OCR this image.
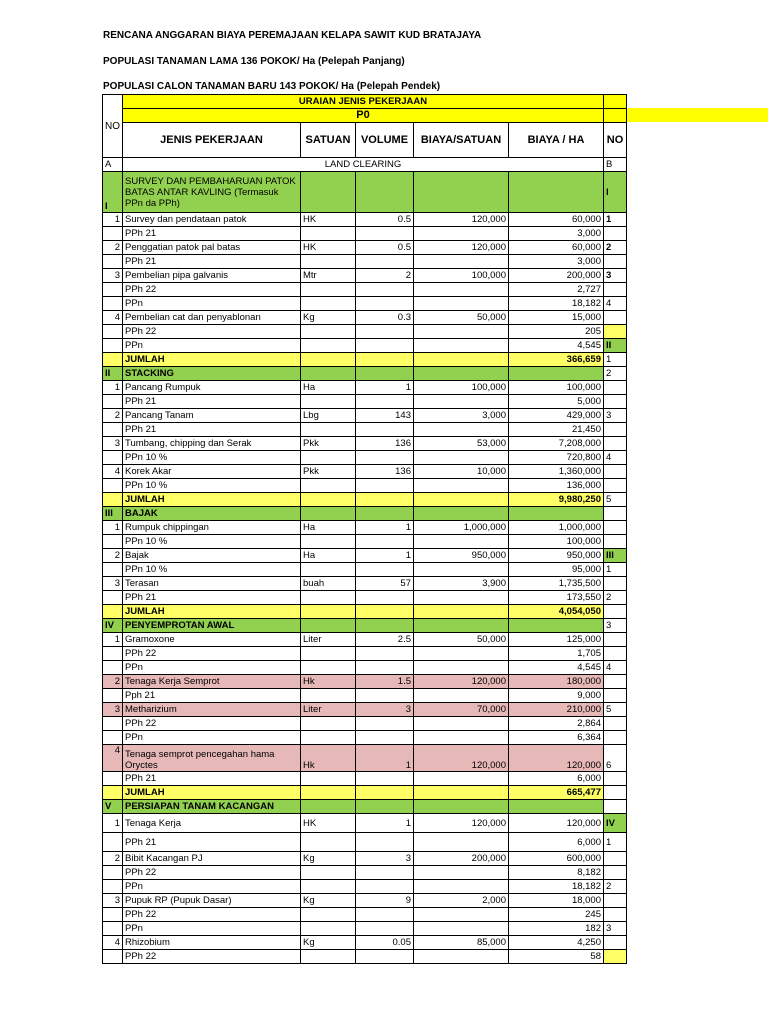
RENCANA ANGGARAN BIAYA PEREMAJAAN KELAPA SAWIT KUD BRATAJAYA
POPULASI TANAMAN LAMA 136 POKOK/ Ha (Pelepah Panjang)
POPULASI CALON TANAMAN BARU 143 POKOK/ Ha (Pelepah Pendek)
NO	URAIAN JENIS PEKERJAAN					
	P0					
	JENIS PEKERJAAN	SATUAN	VOLUME	BIAYA/SATUAN	BIAYA / HA	NO
A	LAND CLEARING					B
I	SURVEY DAN PEMBAHARUAN PATOK BATAS ANTAR KAVLING (Termasuk PPn da PPh)					I
1	Survey dan pendataan patok	HK	0.5	120,000	60,000	1
	PPh 21				3,000	
2	Penggatian patok pal batas	HK	0.5	120,000	60,000	2
	PPh 21				3,000	
3	Pembelian pipa galvanis	Mtr	2	100,000	200,000	3
	PPh 22				2,727	
	PPn				18,182	4
4	Pembelian cat dan penyablonan	Kg	0.3	50,000	15,000	
	PPh 22				205	
	PPn				4,545	II
	JUMLAH				366,659	1
II	STACKING					2
1	Pancang Rumpuk	Ha	1	100,000	100,000	
	PPh 21				5,000	
2	Pancang Tanam	Lbg	143	3,000	429,000	3
	PPh 21				21,450	
3	Tumbang, chipping dan Serak	Pkk	136	53,000	7,208,000	
	PPn 10 %				720,800	4
4	Korek Akar	Pkk	136	10,000	1,360,000	
	PPn 10 %				136,000	
	JUMLAH				9,980,250	5
III	BAJAK					
1	Rumpuk chippingan	Ha	1	1,000,000	1,000,000	
	PPn 10 %				100,000	
2	Bajak	Ha	1	950,000	950,000	III
	PPn 10 %				95,000	1
3	Terasan	buah	57	3,900	1,735,500	
	PPh 21				173,550	2
	JUMLAH				4,054,050	
IV	PENYEMPROTAN AWAL					3
1	Gramoxone	Liter	2.5	50,000	125,000	
	PPh 22				1,705	
	PPn				4,545	4
2	Tenaga Kerja Semprot	Hk	1.5	120,000	180,000	
	Pph 21				9,000	
3	Metharizium	Liter	3	70,000	210,000	5
	PPh 22				2,864	
	PPn				6,364	
4	Tenaga semprot pencegahan hama Oryctes	Hk	1	120,000	120,000	6
	PPh 21				6,000	
	JUMLAH				665,477	
V	PERSIAPAN TANAM KACANGAN					
1	Tenaga Kerja	HK	1	120,000	120,000	IV
	PPh 21				6,000	1
2	Bibit Kacangan PJ	Kg	3	200,000	600,000	
	PPh 22				8,182	
	PPn				18,182	2
3	Pupuk RP (Pupuk Dasar)	Kg	9	2,000	18,000	
	PPh 22				245	
	PPn				182	3
4	Rhizobium	Kg	0.05	85,000	4,250	
	PPh 22				58	
